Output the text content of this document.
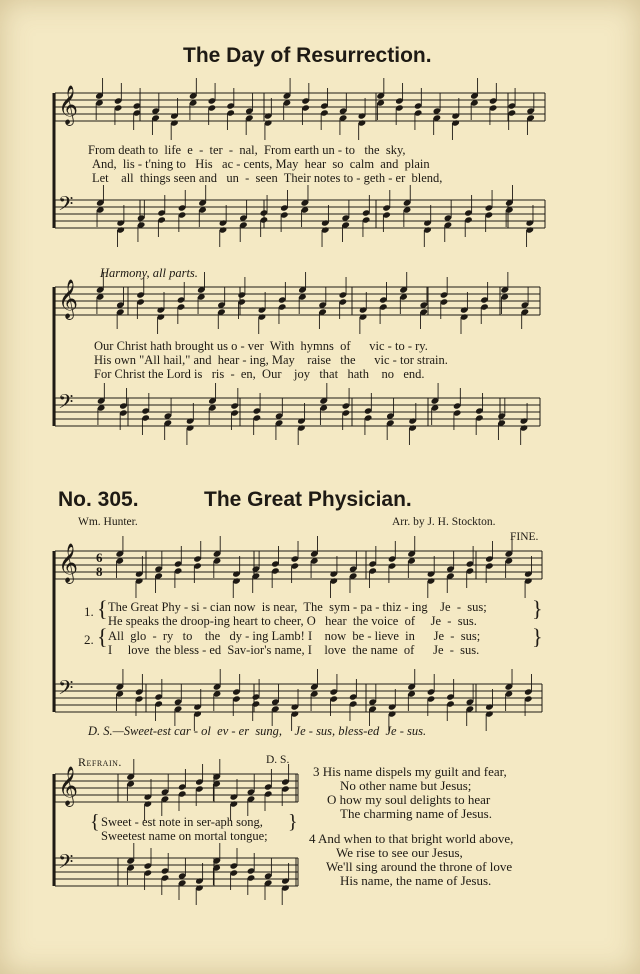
𝄞
𝄢
𝄞
𝄢
𝄞
𝄢
6
8
𝄞
𝄢
The Day of Resurrection.
From death to  life  e  -  ter  -  nal,  From earth un - to   the  sky,
And,  lis - t'ning to   His   ac - cents, May  hear  so  calm  and  plain
Let    all  things seen and   un  -  seen  Their notes to - geth - er  blend,
Harmony, all parts.
Our Christ hath brought us o - ver  With  hymns  of      vic - to - ry.
His own "All hail," and  hear - ing, May    raise   the      vic - tor strain.
For Christ the Lord is   ris  -  en,  Our    joy   that   hath    no   end.
No. 305.	The Great Physician.
Wm. Hunter.	Arr. by J. H. Stockton.
FINE.
1.
2.
{
{
}
}
The Great Phy - si - cian now  is near,  The  sym - pa - thiz - ing    Je  -  sus;
He speaks the droop-ing heart to cheer, O   hear  the voice  of     Je  -  sus.
All  glo  -  ry   to    the   dy - ing Lamb! I    now  be - lieve  in      Je  -  sus;
I     love  the bless - ed  Sav-ior's name, I    love  the name  of      Je  -  sus.
D. S.—Sweet-est car - ol  ev - er  sung,    Je - sus, bless-ed  Je - sus.
Refrain.	D. S.
{	}
Sweet - est note in ser-aph song,
Sweetest name on mortal tongue;
3 His name dispels my guilt and fear,
No other name but Jesus;
O how my soul delights to hear
The charming name of Jesus.
4 And when to that bright world above,
We rise to see our Jesus,
We'll sing around the throne of love
His name, the name of Jesus.
